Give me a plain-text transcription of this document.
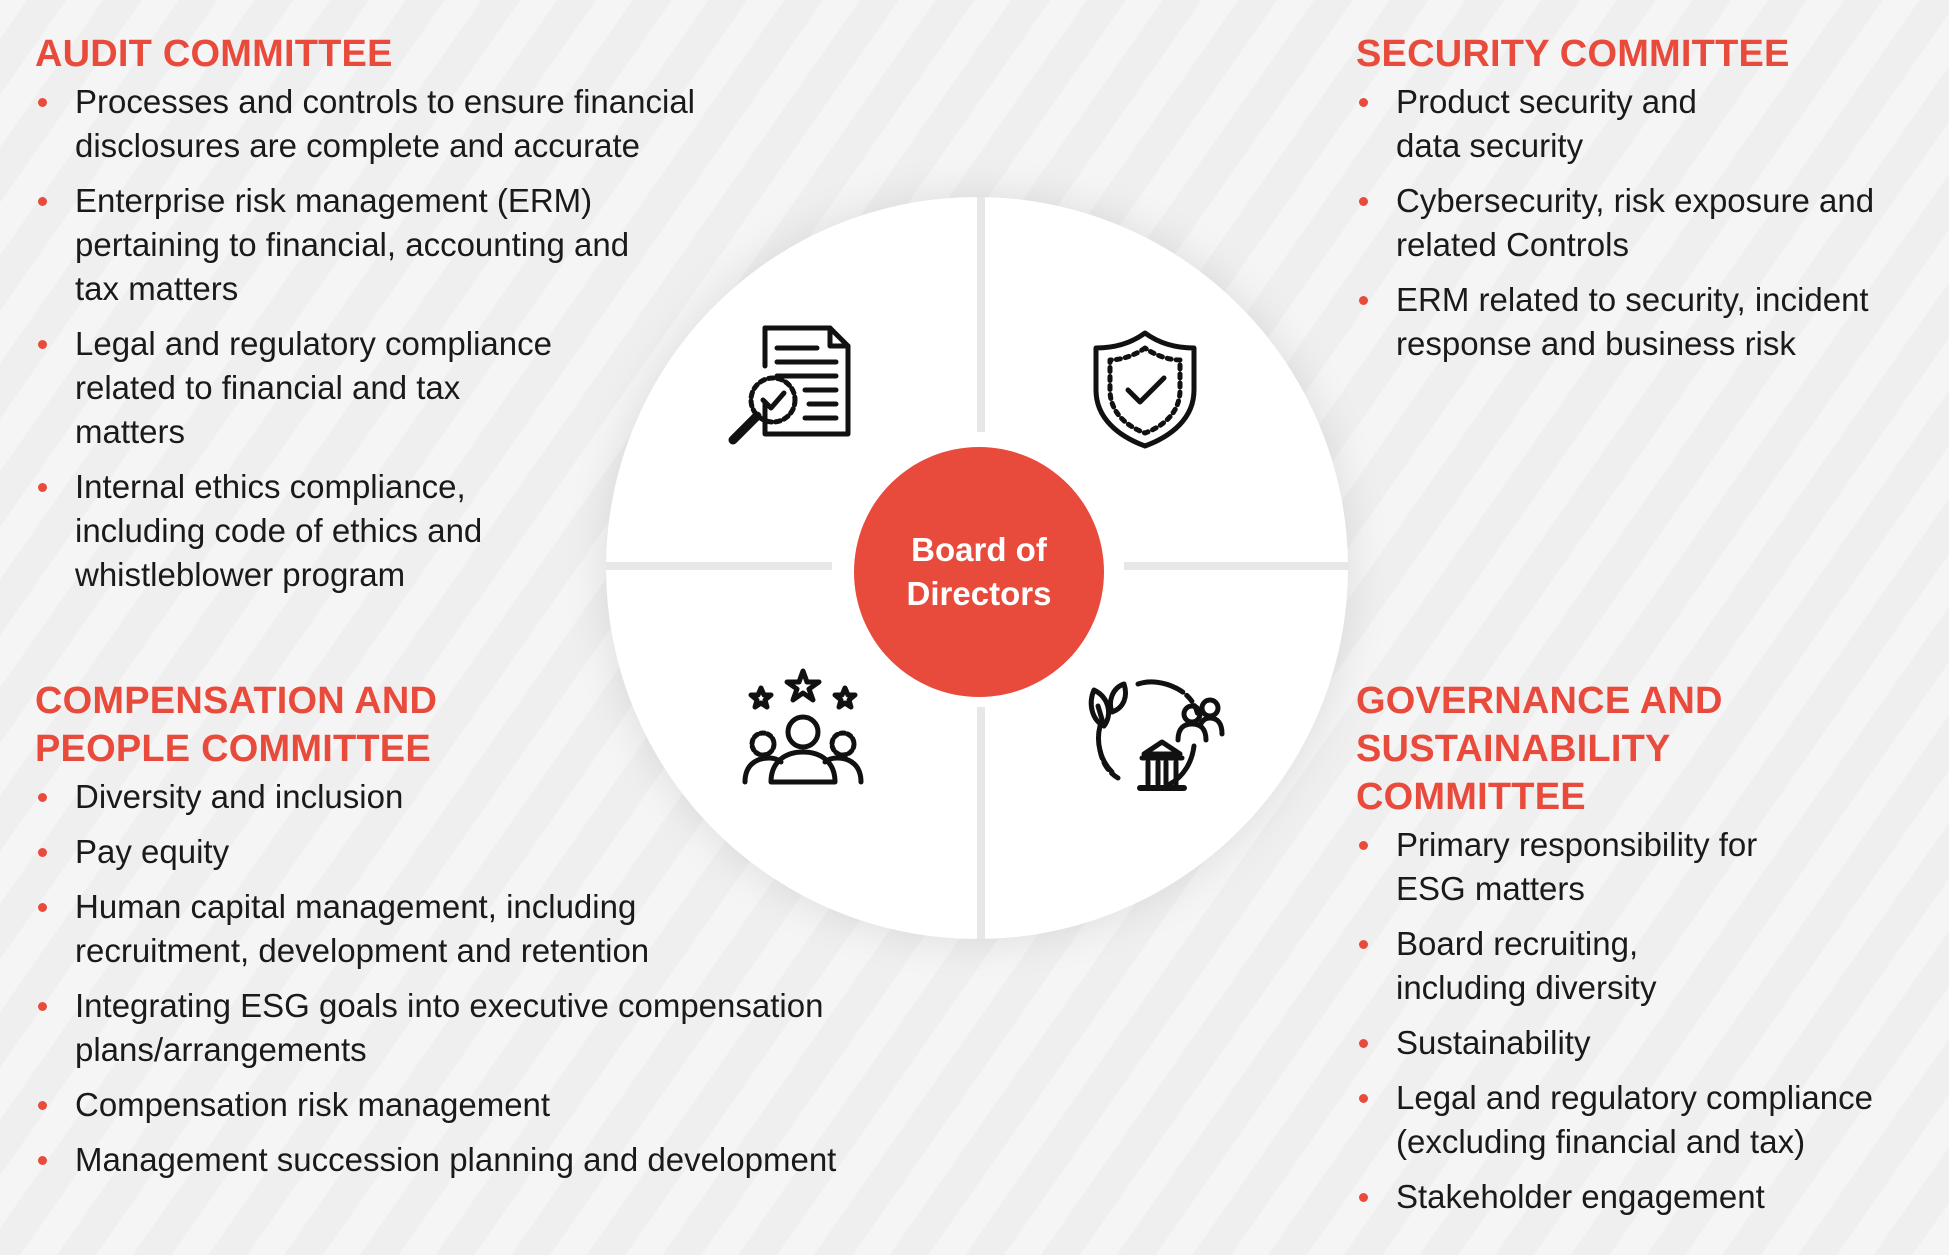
Board of
Directors
AUDIT COMMITTEE
Processes and controls to ensure financial
disclosures are complete and accurate
Enterprise risk management (ERM)
pertaining to financial, accounting and
tax matters
Legal and regulatory compliance
related to financial and tax
matters
Internal ethics compliance,
including code of ethics and
whistleblower program
SECURITY COMMITTEE
Product security and
data security
Cybersecurity, risk exposure and
related Controls
ERM related to security, incident
response and business risk
COMPENSATION AND
PEOPLE COMMITTEE
Diversity and inclusion
Pay equity
Human capital management, including
recruitment, development and retention
Integrating ESG goals into executive compensation
plans/arrangements
Compensation risk management
Management succession planning and development
GOVERNANCE AND
SUSTAINABILITY
COMMITTEE
Primary responsibility for
ESG matters
Board recruiting,
including diversity
Sustainability
Legal and regulatory compliance
(excluding financial and tax)
Stakeholder engagement
